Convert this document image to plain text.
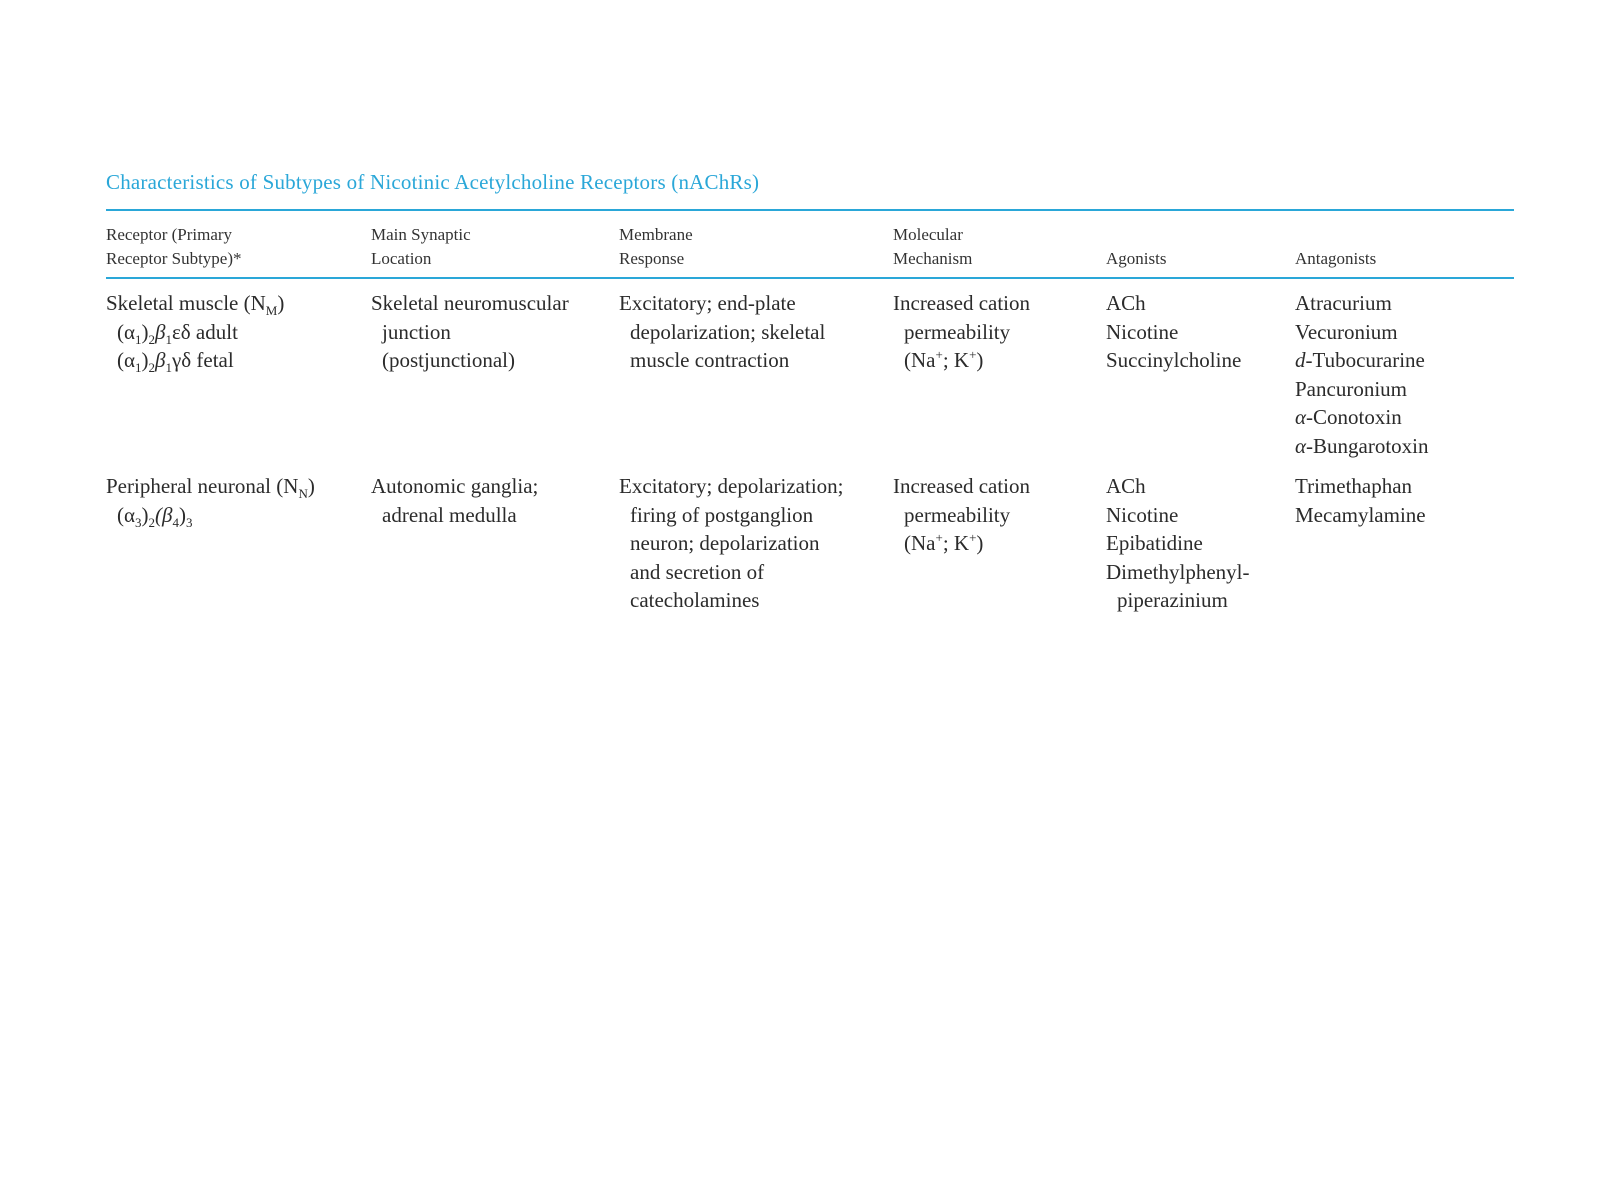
Characteristics of Subtypes of Nicotinic Acetylcholine Receptors (nAChRs)
Receptor (Primary
Receptor Subtype)*
Main Synaptic
Location
Membrane
Response
Molecular
Mechanism	Agonists	Antagonists
Skeletal muscle $(N_M)$
$(\alpha_1)_2\beta_1\varepsilon\delta$ adult
$(\alpha_1)_2\beta_1\gamma\delta$ fetal
Skeletal neuromuscular
junction
(postjunctional)
Excitatory; end-plate
depolarization; skeletal
muscle contraction
Increased cation
permeability
(Na+; K+)
ACh
Nicotine
Succinylcholine
Atracurium
Vecuronium
d-Tubocurarine
Pancuronium
α-Conotoxin
α-Bungarotoxin
Peripheral neuronal $(N_N)$
$(\alpha_3)_2(\beta_4)_3$
Autonomic ganglia;
adrenal medulla
Excitatory; depolarization;
firing of postganglion
neuron; depolarization
and secretion of
catecholamines
Increased cation
permeability
(Na+; K+)
ACh
Nicotine
Epibatidine
Dimethylphenyl-
piperazinium
Trimethaphan
Mecamylamine
